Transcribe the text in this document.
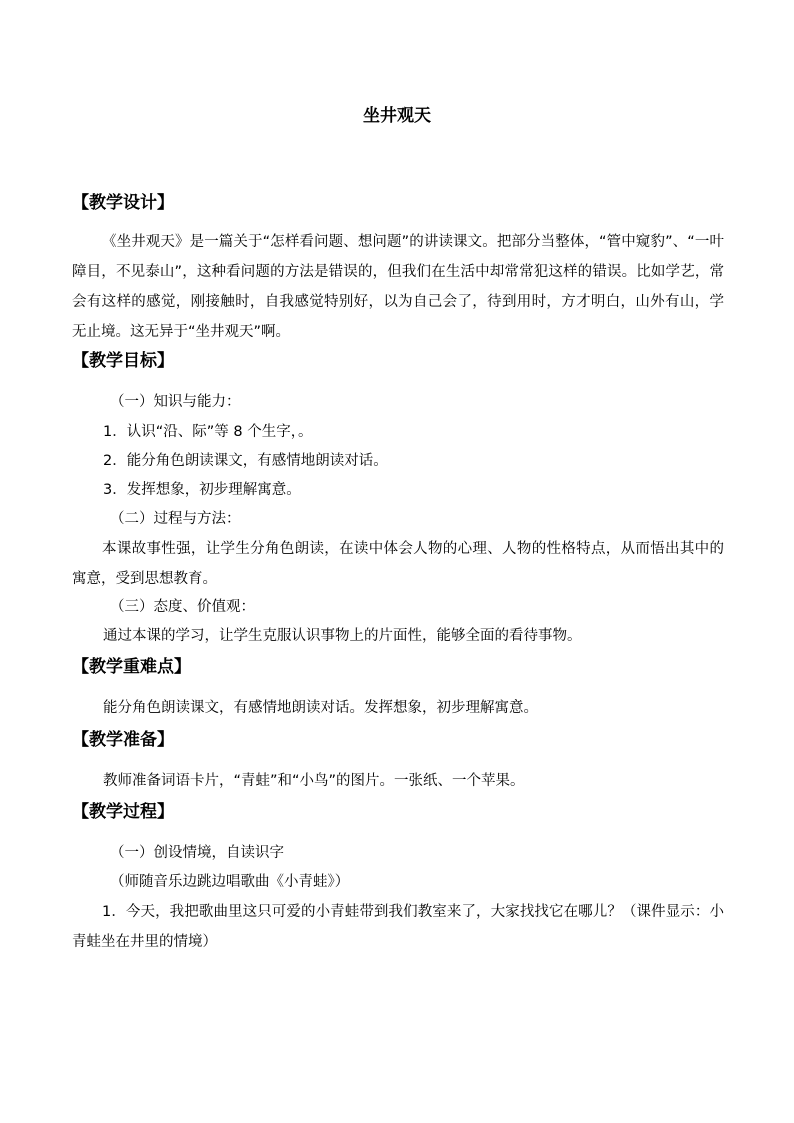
坐井观天
【教学设计】
《坐井观天》是一篇关于“怎样看问题、想问题”的讲读课文。把部分当整体，“管中窥豹”、“一叶障目，不见泰山”，这种看问题的方法是错误的，但我们在生活中却常常犯这样的错误。比如学艺，常会有这样的感觉，刚接触时，自我感觉特别好，以为自己会了，待到用时，方才明白，山外有山，学无止境。这无异于“坐井观天”啊。
【教学目标】
（一）知识与能力：
1．认识“沿、际”等 8 个生字，。
2．能分角色朗读课文，有感情地朗读对话。
3．发挥想象，初步理解寓意。
（二）过程与方法：
本课故事性强，让学生分角色朗读，在读中体会人物的心理、人物的性格特点，从而悟出其中的寓意，受到思想教育。
（三）态度、价值观：
通过本课的学习，让学生克服认识事物上的片面性，能够全面的看待事物。
【教学重难点】
能分角色朗读课文，有感情地朗读对话。发挥想象，初步理解寓意。
【教学准备】
教师准备词语卡片，“青蛙”和“小鸟”的图片。一张纸、一个苹果。
【教学过程】
（一）创设情境，自读识字
（师随音乐边跳边唱歌曲《小青蛙》）
1．今天，我把歌曲里这只可爱的小青蛙带到我们教室来了，大家找找它在哪儿？（课件显示：小青蛙坐在井里的情境）
